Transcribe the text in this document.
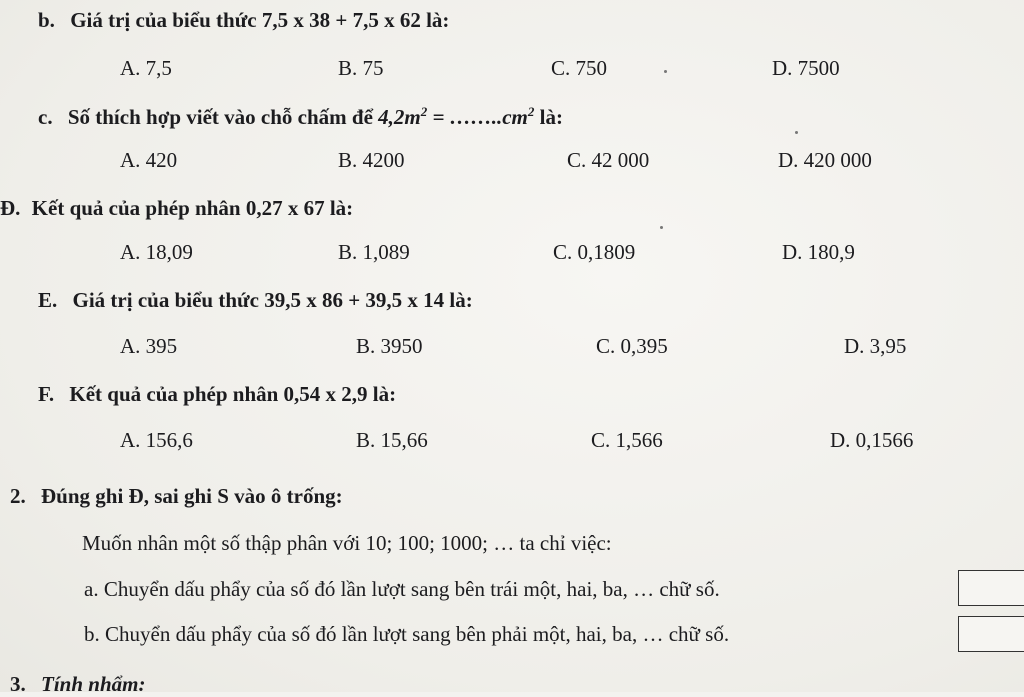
b. Giá trị của biểu thức 7,5 x 38 + 7,5 x 62 là:
A. 7,5	B. 75	C. 750	D. 7500
c. Số thích hợp viết vào chỗ chấm để $4,2m^2$ = $\dots\dots..cm^2$ là:
A. 420	B. 4200	C. 42 000	D. 420 000
Đ. Kết quả của phép nhân 0,27 x 67 là:
A. 18,09	B. 1,089	C. 0,1809	D. 180,9
E. Giá trị của biểu thức 39,5 x 86 + 39,5 x 14 là:
A. 395	B. 3950	C. 0,395	D. 3,95
F. Kết quả của phép nhân 0,54 x 2,9 là:
A. 156,6	B. 15,66	C. 1,566	D. 0,1566
2. Đúng ghi Đ, sai ghi S vào ô trống:
Muốn nhân một số thập phân với 10; 100; 1000; … ta chỉ việc:
a. Chuyển dấu phẩy của số đó lần lượt sang bên trái một, hai, ba, … chữ số.
b. Chuyển dấu phẩy của số đó lần lượt sang bên phải một, hai, ba, … chữ số.
3. Tính nhẩm:
